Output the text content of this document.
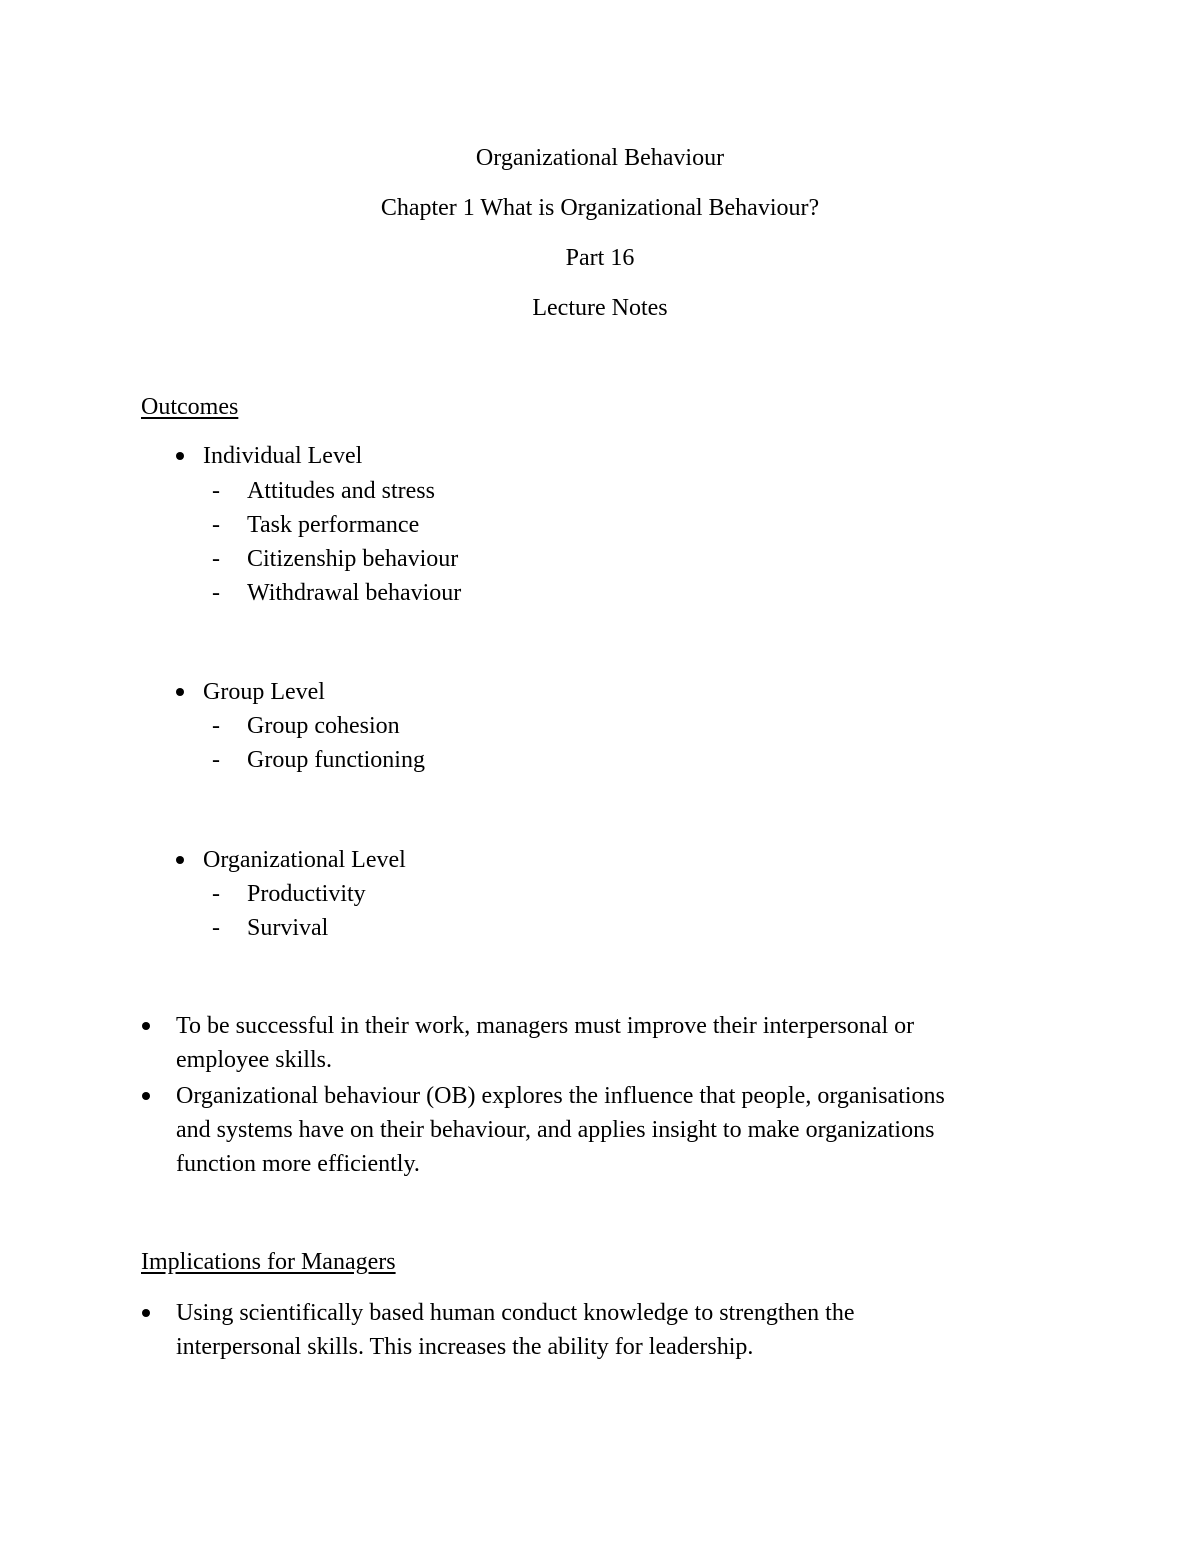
Organizational Behaviour
Chapter 1 What is Organizational Behaviour?
Part 16
Lecture Notes
Outcomes
Individual Level
- Attitudes and stress
- Task performance
- Citizenship behaviour
- Withdrawal behaviour
Group Level
- Group cohesion
- Group functioning
Organizational Level
- Productivity
- Survival
To be successful in their work, managers must improve their interpersonal or
employee skills.
Organizational behaviour (OB) explores the influence that people, organisations
and systems have on their behaviour, and applies insight to make organizations
function more efficiently.
Implications for Managers
Using scientifically based human conduct knowledge to strengthen the
interpersonal skills. This increases the ability for leadership.
